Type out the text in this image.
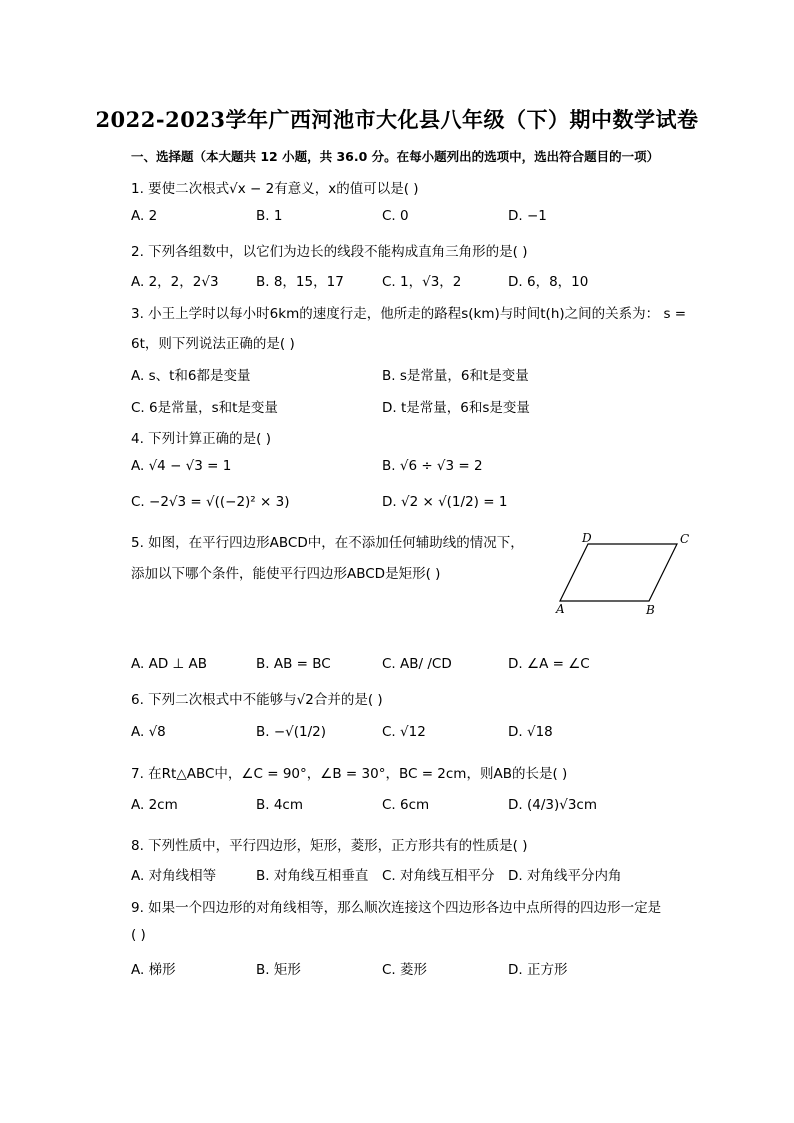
2022-2023学年广西河池市大化县八年级（下）期中数学试卷
一、选择题（本大题共 12 小题，共 36.0 分。在每小题列出的选项中，选出符合题目的一项）
1. 要使二次根式√x − 2有意义，x的值可以是( )
A. 2	B. 1	C. 0	D. −1
2. 下列各组数中，以它们为边长的线段不能构成直角三角形的是( )
A. 2，2，2√3	B. 8，15，17	C. 1，√3，2	D. 6，8，10
3. 小王上学时以每小时6km的速度行走，他所走的路程s(km)与时间t(h)之间的关系为： s =
6t，则下列说法正确的是( )
A. s、t和6都是变量	B. s是常量，6和t是变量
C. 6是常量，s和t是变量	D. t是常量，6和s是变量
4. 下列计算正确的是( )
A. √4 − √3 = 1	B. √6 ÷ √3 = 2
C. −2√3 = √((−2)² × 3)	D. √2 × √(1/2) = 1
5. 如图，在平行四边形ABCD中，在不添加任何辅助线的情况下，
添加以下哪个条件，能使平行四边形ABCD是矩形( )
D	C
A	B
A. AD ⊥ AB	B. AB = BC	C. AB/ /CD	D. ∠A = ∠C
6. 下列二次根式中不能够与√2合并的是( )
A. √8	B. −√(1/2)	C. √12	D. √18
7. 在Rt△ABC中，∠C = 90°，∠B = 30°，BC = 2cm，则AB的长是( )
A. 2cm	B. 4cm	C. 6cm	D. (4/3)√3cm
8. 下列性质中，平行四边形，矩形，菱形，正方形共有的性质是( )
A. 对角线相等	B. 对角线互相垂直 C. 对角线互相平分 D. 对角线平分内角
9. 如果一个四边形的对角线相等，那么顺次连接这个四边形各边中点所得的四边形一定是
( )
A. 梯形	B. 矩形	C. 菱形	D. 正方形
